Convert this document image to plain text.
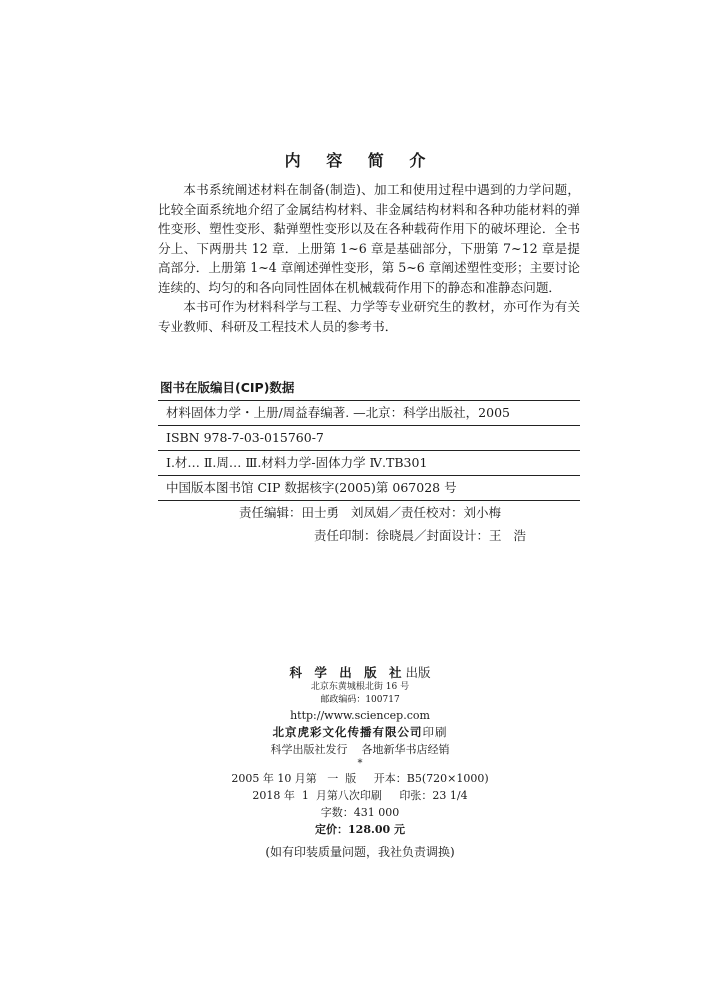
内 容 简 介

本书系统阐述材料在制备(制造)、加工和使用过程中遇到的力学问题，比较全面系统地介绍了金属结构材料、非金属结构材料和各种功能材料的弹性变形、塑性变形、黏弹塑性变形以及在各种载荷作用下的破坏理论．全书分上、下两册共 12 章．上册第 1~6 章是基础部分，下册第 7~12 章是提高部分．上册第 1~4 章阐述弹性变形，第 5~6 章阐述塑性变形；主要讨论连续的、均匀的和各向同性固体在机械载荷作用下的静态和准静态问题．

本书可作为材料科学与工程、力学等专业研究生的教材，亦可作为有关专业教师、科研及工程技术人员的参考书．

图书在版编目(CIP)数据
材料固体力学・上册/周益春编著. —北京：科学出版社，2005
ISBN 978-7-03-015760-7
Ⅰ.材… Ⅱ.周… Ⅲ.材料力学-固体力学 Ⅳ.TB301
中国版本图书馆 CIP 数据核字(2005)第 067028 号
责任编辑：田士勇   刘凤娟／责任校对：刘小梅
责任印制：徐晓晨／封面设计：王   浩
科 学 出 版 社出版
北京东黄城根北街 16 号
邮政编码：100717
http://www.sciencep.com
北京虎彩文化传播有限公司印刷
科学出版社发行    各地新华书店经销
*
2005 年 10 月第   一  版     开本：B5(720×1000)
2018 年  1  月第八次印刷     印张：23 1/4
字数：431 000
定价：128.00 元
(如有印装质量问题，我社负责调换)
